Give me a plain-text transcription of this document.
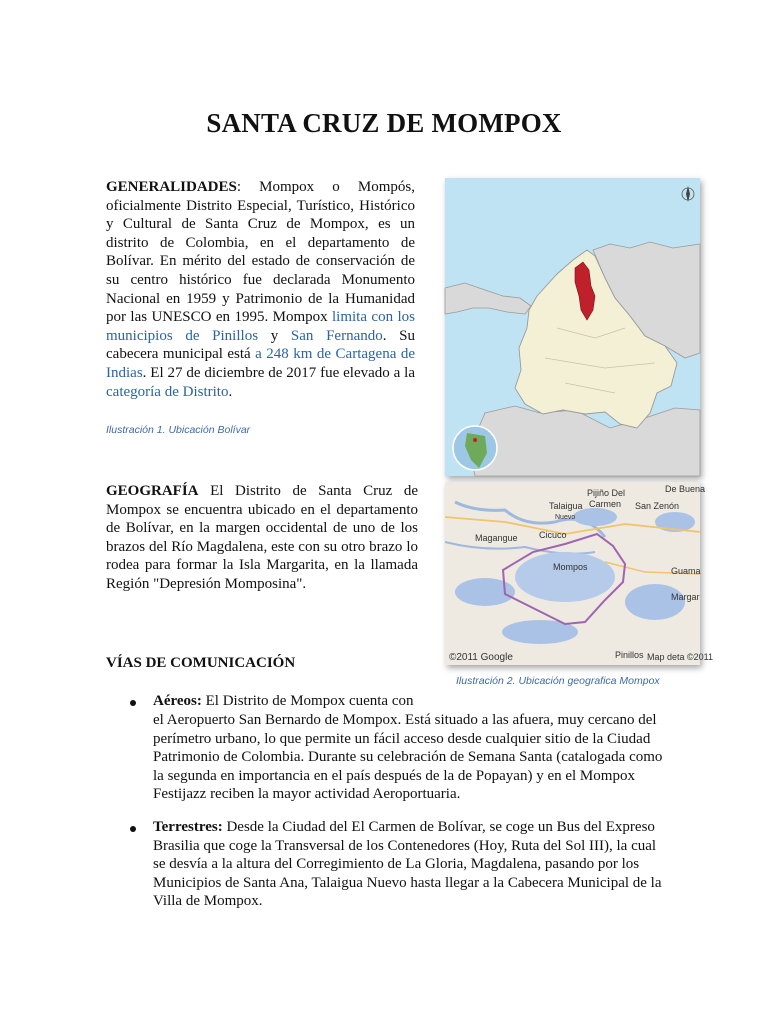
SANTA CRUZ DE MOMPOX
GENERALIDADES: Mompox o Mompós, oficialmente Distrito Especial, Turístico, Histórico y Cultural de Santa Cruz de Mompox, es un distrito de Colombia, en el departamento de Bolívar. En mérito del estado de conservación de su centro histórico fue declarada Monumento Nacional en 1959 y Patrimonio de la Humanidad por las UNESCO en 1995. Mompox limita con los municipios de Pinillos y San Fernando. Su cabecera municipal está a 248 km de Cartagena de Indias. El 27 de diciembre de 2017 fue elevado a la categoría de Distrito.
Ilustración 1. Ubicación Bolívar
GEOGRAFÍA El Distrito de Santa Cruz de Mompox se encuentra ubicado en el departamento de Bolívar, en la margen occidental de uno de los brazos del Río Magdalena, este con su otro brazo lo rodea para formar la Isla Margarita, en la llamada Región "Depresión Momposina".
De Buena
Pijiño Del
Carmen
Talaigua
Nuevo
San Zenón
Magangue Cicuco
Mompos	Guama
Margar
Pinillos
©2011 Google	Map deta ©2011
Ilustración 2. Ubicación geografica Mompox
VÍAS DE COMUNICACIÓN
Aéreos: El Distrito de Mompox cuenta con
el Aeropuerto San Bernardo de Mompox. Está situado a las afuera, muy cercano del perímetro urbano, lo que permite un fácil acceso desde cualquier sitio de la Ciudad Patrimonio de Colombia. Durante su celebración de Semana Santa (catalogada como la segunda en importancia en el país después de la de Popayan) y en el Mompox Festijazz reciben la mayor actividad Aeroportuaria.
Terrestres: Desde la Ciudad del El Carmen de Bolívar, se coge un Bus del Expreso Brasilia que coge la Transversal de los Contenedores (Hoy, Ruta del Sol III), la cual se desvía a la altura del Corregimiento de La Gloria, Magdalena, pasando por los Municipios de Santa Ana, Talaigua Nuevo hasta llegar a la Cabecera Municipal de la Villa de Mompox.
